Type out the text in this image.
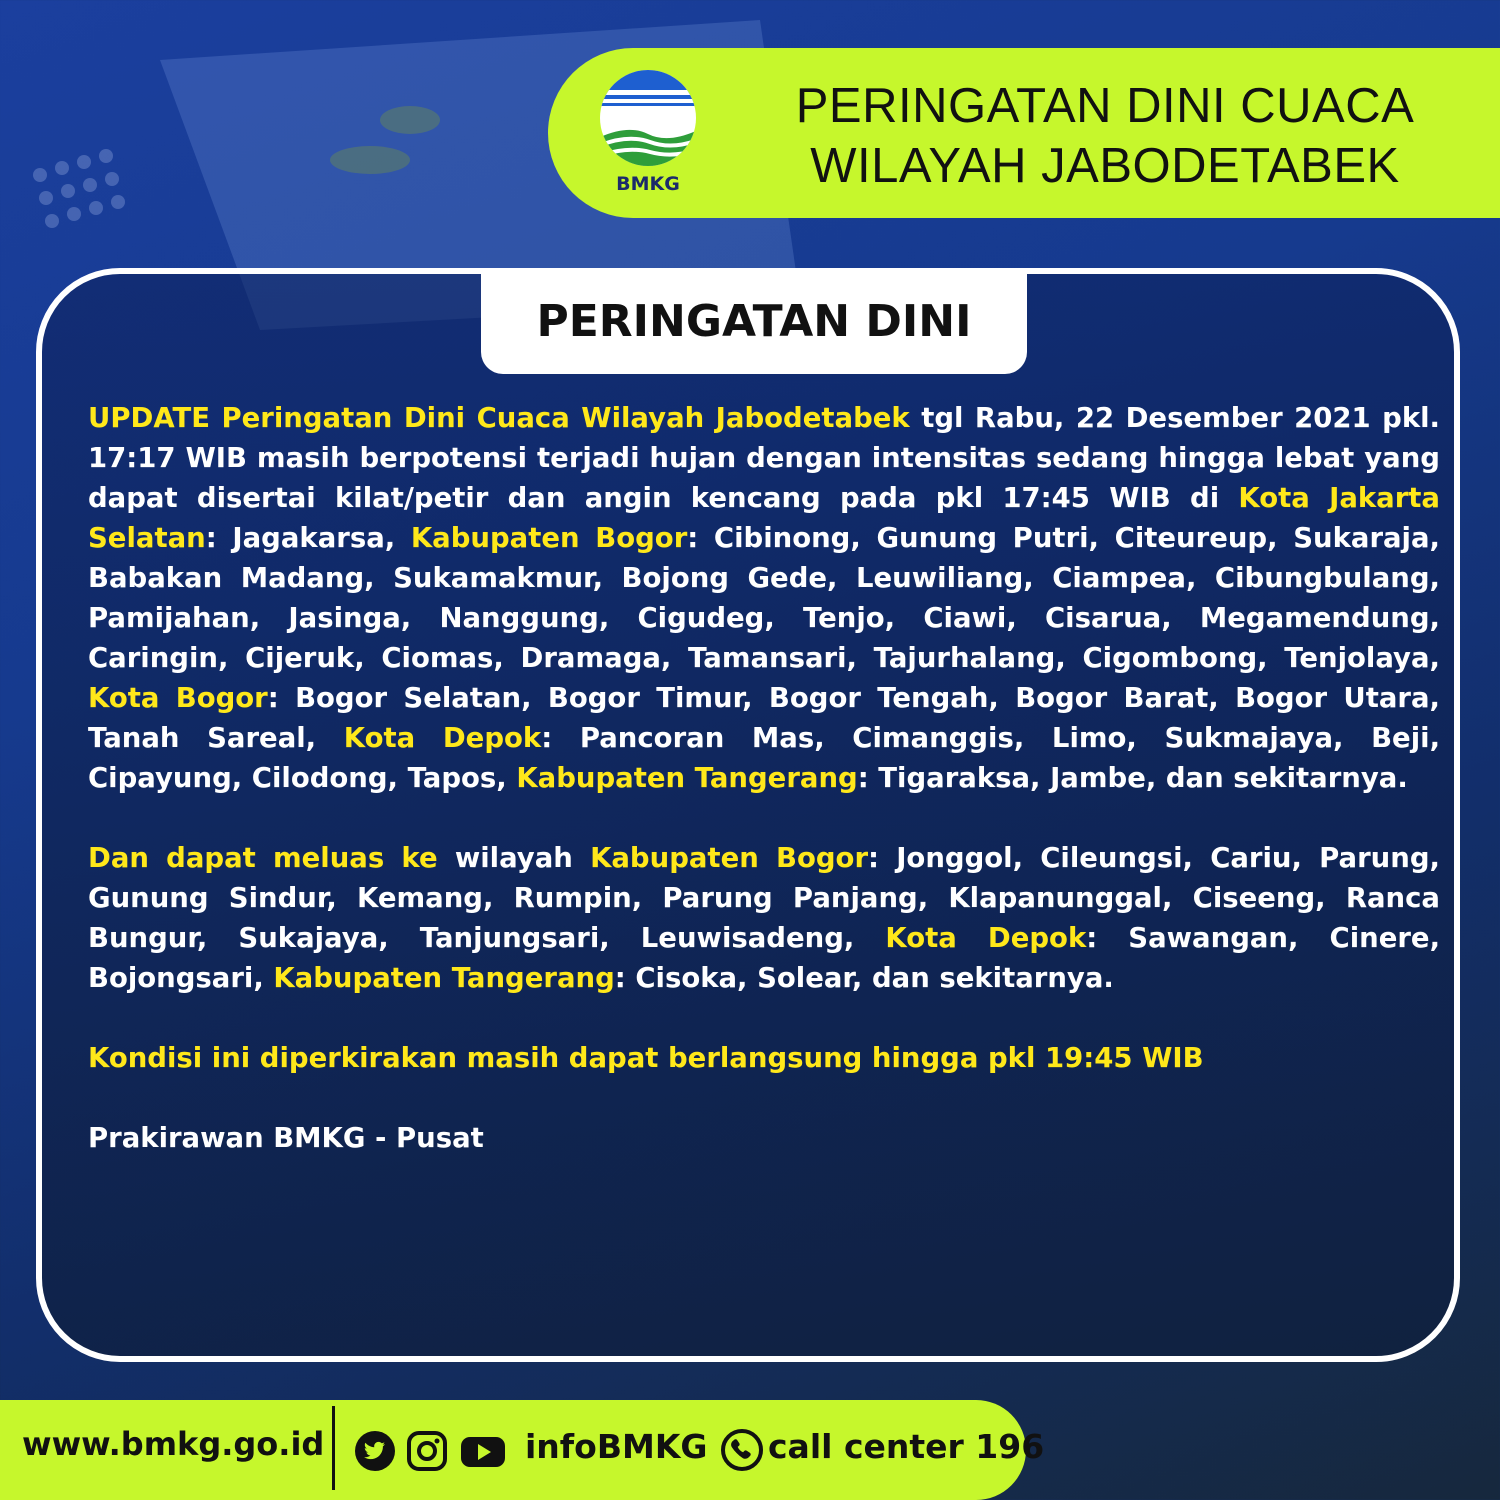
BMKG
PERINGATAN DINI CUACA
WILAYAH JABODETABEK
PERINGATAN DINI

UPDATE Peringatan Dini Cuaca Wilayah Jabodetabek tgl Rabu, 22 Desember 2021 pkl. 17:17 WIB masih berpotensi terjadi hujan dengan intensitas sedang hingga lebat yang dapat disertai kilat/petir dan angin kencang pada pkl 17:45 WIB di Kota Jakarta Selatan: Jagakarsa, Kabupaten Bogor: Cibinong, Gunung Putri, Citeureup, Sukaraja, Babakan Madang, Sukamakmur, Bojong Gede, Leuwiliang, Ciampea, Cibungbulang, Pamijahan, Jasinga, Nanggung, Cigudeg, Tenjo, Ciawi, Cisarua, Megamendung, Caringin, Cijeruk, Ciomas, Dramaga, Tamansari, Tajurhalang, Cigombong, Tenjolaya, Kota Bogor: Bogor Selatan, Bogor Timur, Bogor Tengah, Bogor Barat, Bogor Utara, Tanah Sareal, Kota Depok: Pancoran Mas, Cimanggis, Limo, Sukmajaya, Beji, Cipayung, Cilodong, Tapos, Kabupaten Tangerang: Tigaraksa, Jambe, dan sekitarnya.

Dan dapat meluas ke wilayah Kabupaten Bogor: Jonggol, Cileungsi, Cariu, Parung, Gunung Sindur, Kemang, Rumpin, Parung Panjang, Klapanunggal, Ciseeng, Ranca Bungur, Sukajaya, Tanjungsari, Leuwisadeng, Kota Depok: Sawangan, Cinere, Bojongsari, Kabupaten Tangerang: Cisoka, Solear, dan sekitarnya.

Kondisi ini diperkirakan masih dapat berlangsung hingga pkl 19:45 WIB

Prakirawan BMKG - Pusat

www.bmkg.go.id	infoBMKG call center 196
